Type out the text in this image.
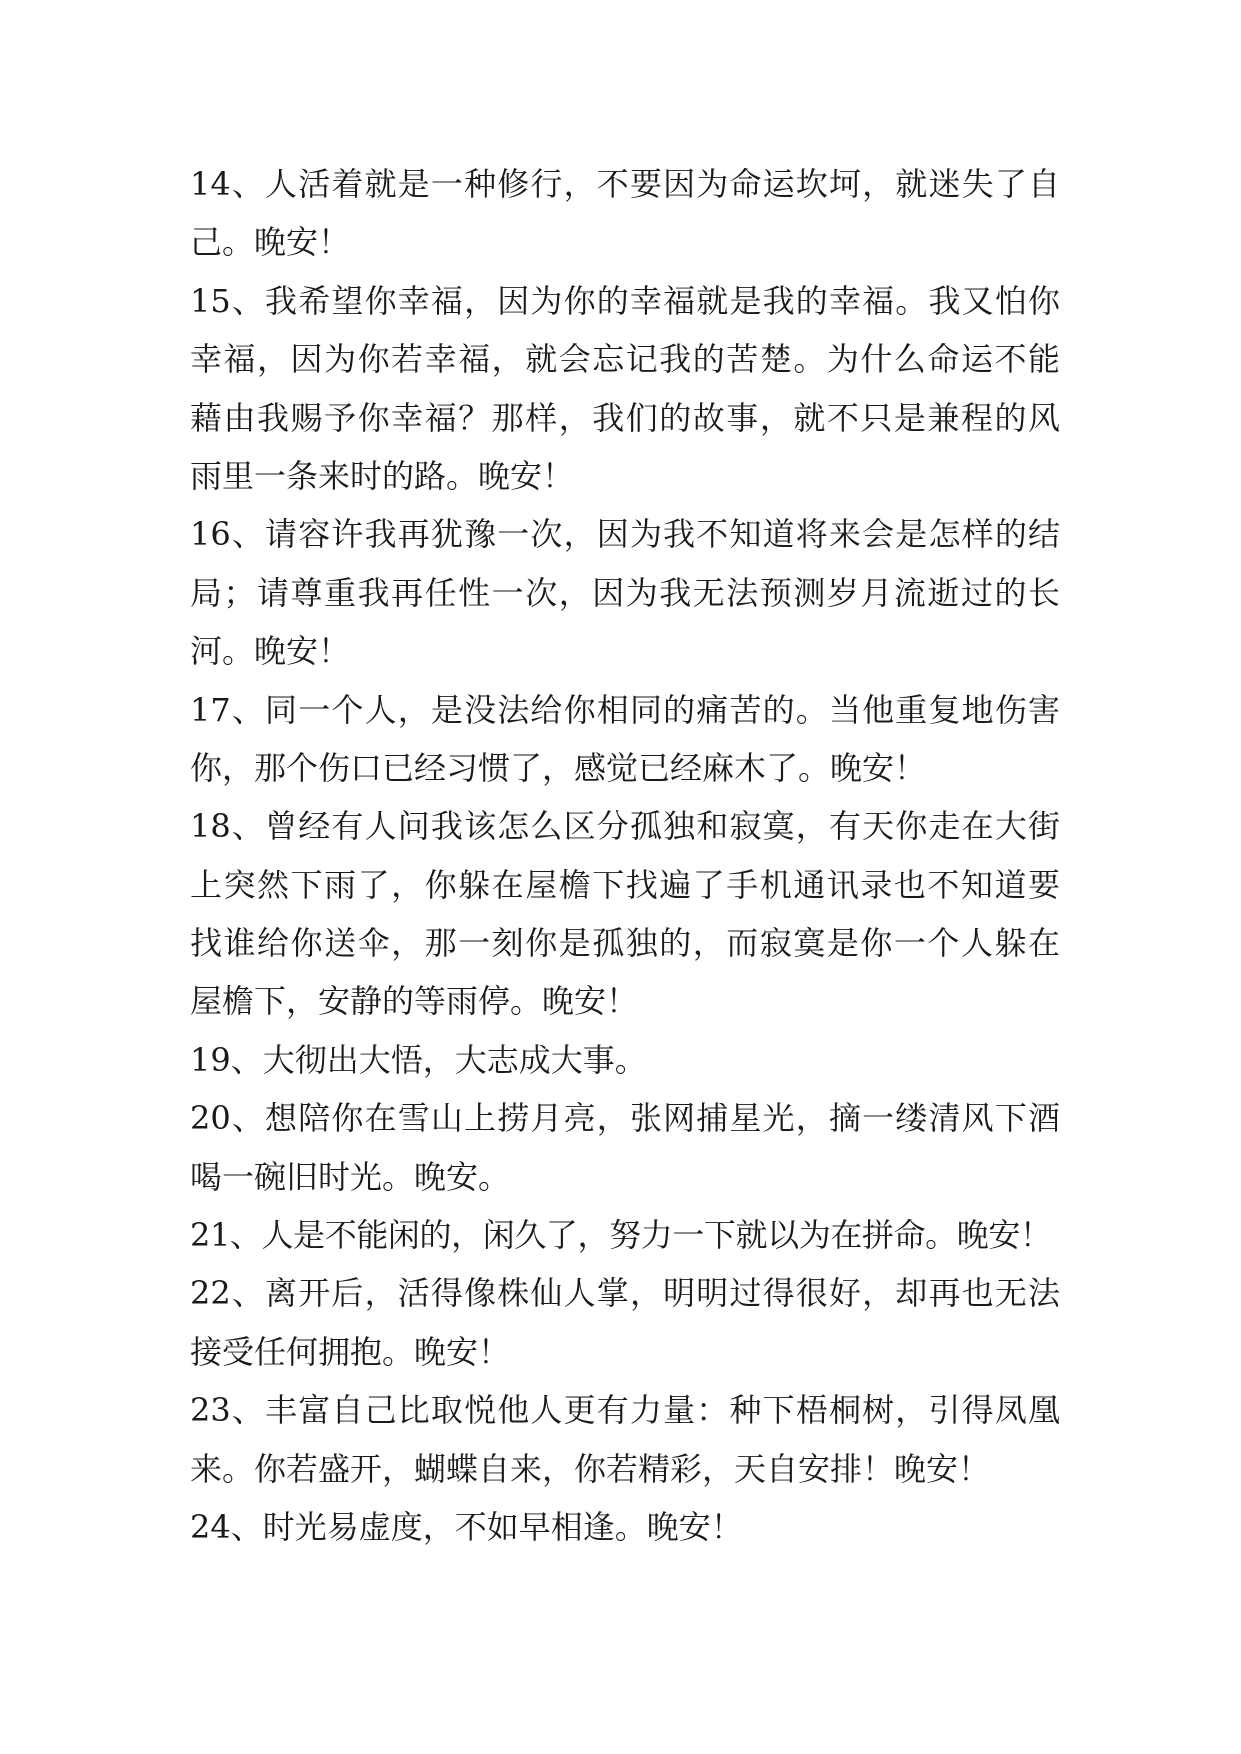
14、人活着就是一种修行，不要因为命运坎坷，就迷失了自
己。晚安！
15、我希望你幸福，因为你的幸福就是我的幸福。我又怕你
幸福，因为你若幸福，就会忘记我的苦楚。为什么命运不能
藉由我赐予你幸福？那样，我们的故事，就不只是兼程的风
雨里一条来时的路。晚安！
16、请容许我再犹豫一次，因为我不知道将来会是怎样的结
局；请尊重我再任性一次，因为我无法预测岁月流逝过的长
河。晚安！
17、同一个人，是没法给你相同的痛苦的。当他重复地伤害
你，那个伤口已经习惯了，感觉已经麻木了。晚安！
18、曾经有人问我该怎么区分孤独和寂寞，有天你走在大街
上突然下雨了，你躲在屋檐下找遍了手机通讯录也不知道要
找谁给你送伞，那一刻你是孤独的，而寂寞是你一个人躲在
屋檐下，安静的等雨停。晚安！
19、大彻出大悟，大志成大事。
20、想陪你在雪山上捞月亮，张网捕星光，摘一缕清风下酒
喝一碗旧时光。晚安。
21、人是不能闲的，闲久了，努力一下就以为在拼命。晚安！
22、离开后，活得像株仙人掌，明明过得很好，却再也无法
接受任何拥抱。晚安！
23、丰富自己比取悦他人更有力量：种下梧桐树，引得凤凰
来。你若盛开，蝴蝶自来，你若精彩，天自安排！晚安！
24、时光易虚度，不如早相逢。晚安！
